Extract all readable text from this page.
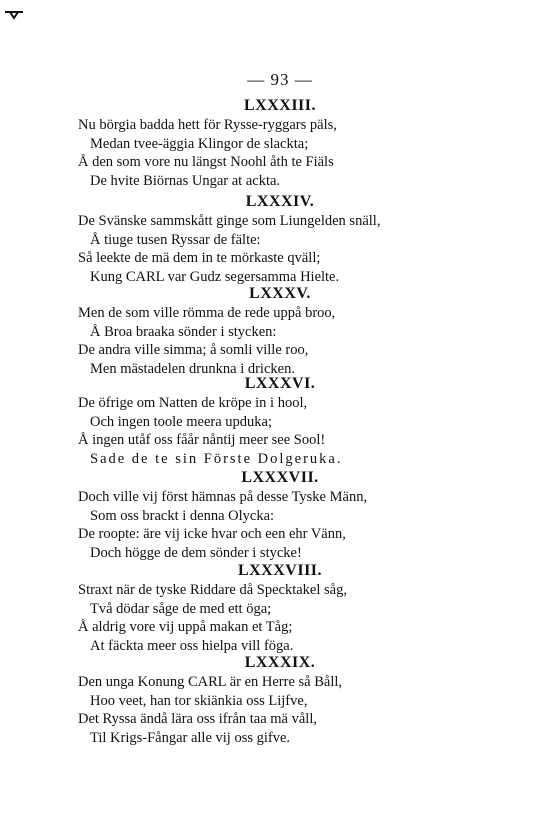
— 93 —
LXXXIII.
Nu börgia badda hett för Rysse-ryggars päls,
Medan tvee-äggia Klingor de slackta;
Å den som vore nu längst Noohl åth te Fiäls
De hvite Biörnas Ungar at ackta.
LXXXIV.
De Svänske sammskått ginge som Liungelden snäll,
Å tiuge tusen Ryssar de fälte:
Så leekte de mä dem in te mörkaste qväll;
Kung CARL var Gudz segersamma Hielte.
LXXXV.
Men de som ville römma de rede uppå broo,
Å Broa braaka sönder i stycken:
De andra ville simma; å somli ville roo,
Men mästadelen drunkna i dricken.
LXXXVI.
De öfrige om Natten de kröpe in i hool,
Och ingen toole meera upduka;
Å ingen utåf oss fåår nåntij meer see Sool!
Sade de te sin Förste Dolgeruka.
LXXXVII.
Doch ville vij först hämnas på desse Tyske Männ,
Som oss brackt i denna Olycka:
De roopte: äre vij icke hvar och een ehr Vänn,
Doch högge de dem sönder i stycke!
LXXXVIII.
Straxt när de tyske Riddare då Specktakel såg,
Två dödar såge de med ett öga;
Å aldrig vore vij uppå makan et Tåg;
At fäckta meer oss hielpa vill föga.
LXXXIX.
Den unga Konung CARL är en Herre så Båll,
Hoo veet, han tor skiänkia oss Lijfve,
Det Ryssa ändå lära oss ifrån taa mä våll,
Til Krigs-Fångar alle vij oss gifve.
